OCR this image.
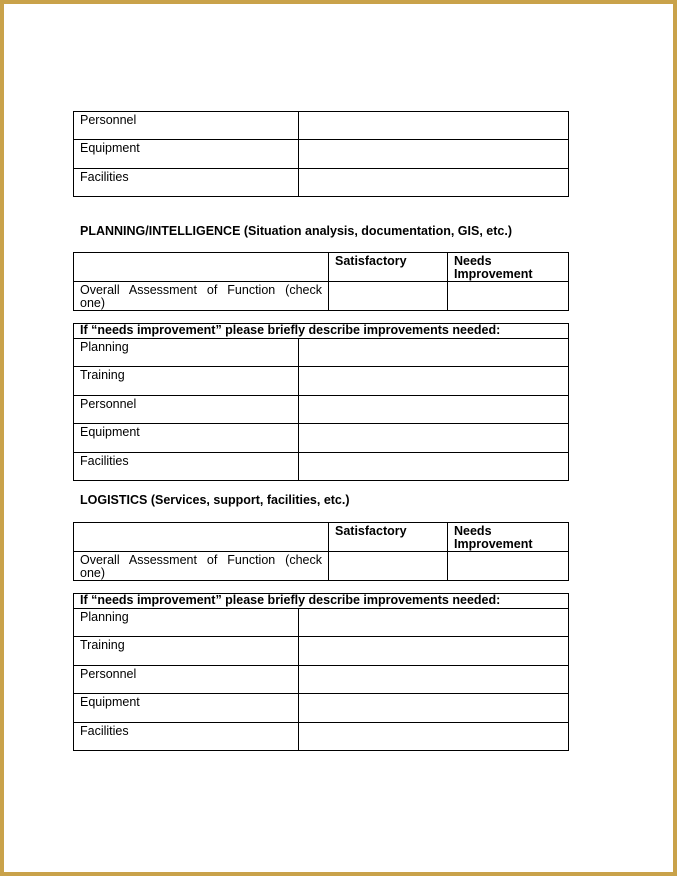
Personnel	
Equipment	
Facilities	
PLANNING/INTELLIGENCE (Situation analysis, documentation, GIS, etc.)
	Satisfactory	Needs Improvement
Overall Assessment of Function (check one)		
If “needs improvement” please briefly describe improvements needed:	
Planning	
Training	
Personnel	
Equipment	
Facilities	
LOGISTICS (Services, support, facilities, etc.)
	Satisfactory	Needs Improvement
Overall Assessment of Function (check one)		
If “needs improvement” please briefly describe improvements needed:	
Planning	
Training	
Personnel	
Equipment	
Facilities	
